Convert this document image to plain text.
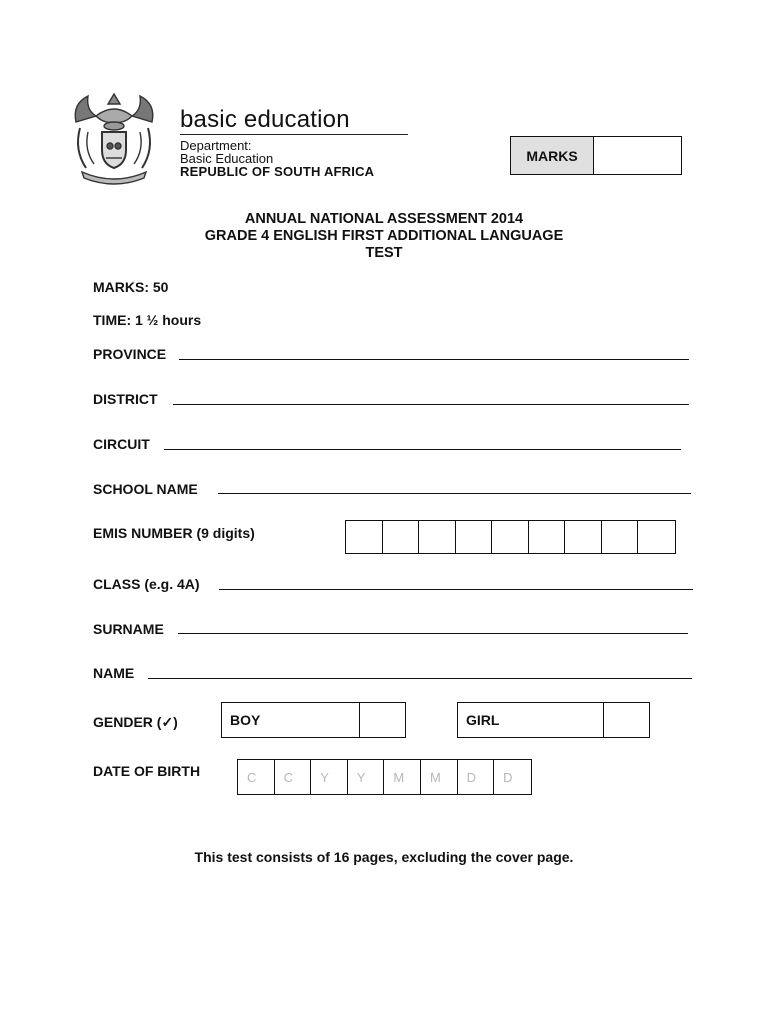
basic education
Department:
Basic Education
REPUBLIC OF SOUTH AFRICA
MARKS
ANNUAL NATIONAL ASSESSMENT 2014
GRADE 4 ENGLISH FIRST ADDITIONAL LANGUAGE
TEST
MARKS: 50
TIME: 1 ½ hours
PROVINCE
DISTRICT
CIRCUIT
SCHOOL NAME
EMIS NUMBER (9 digits)
CLASS (e.g. 4A)
SURNAME
NAME
GENDER (✓)	BOY	GIRL
DATE OF BIRTH	C	C	Y	Y	M	M	D	D
This test consists of 16 pages, excluding the cover page.
